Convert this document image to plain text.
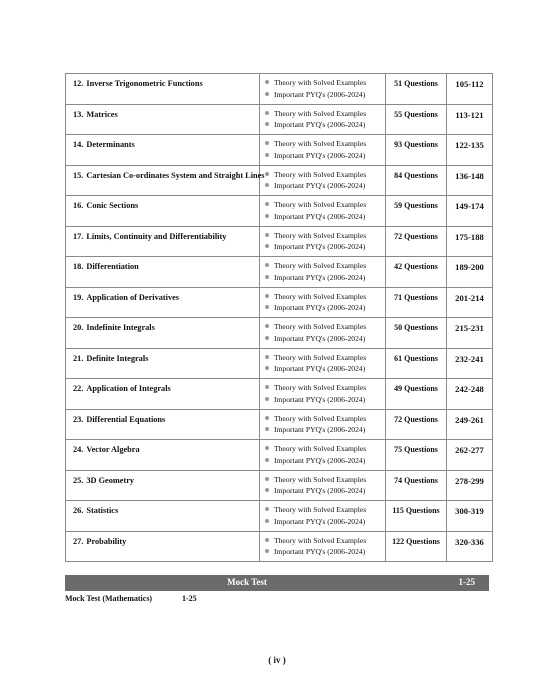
12. Inverse Trigonometric Functions	Theory with Solved Examples
Important PYQ's (2006-2024)	51 Questions	105-112

13. Matrices	Theory with Solved Examples
Important PYQ's (2006-2024)	55 Questions	113-121

14. Determinants	Theory with Solved Examples
Important PYQ's (2006-2024)	93 Questions	122-135

15. Cartesian Co-ordinates System and Straight Lines	Theory with Solved Examples
Important PYQ's (2006-2024)	84 Questions	136-148

16. Conic Sections	Theory with Solved Examples
Important PYQ's (2006-2024)	59 Questions	149-174

17. Limits, Continuity and Differentiability	Theory with Solved Examples
Important PYQ's (2006-2024)	72 Questions	175-188

18. Differentiation	Theory with Solved Examples
Important PYQ's (2006-2024)	42 Questions	189-200

19. Application of Derivatives	Theory with Solved Examples
Important PYQ's (2006-2024)	71 Questions	201-214

20. Indefinite Integrals	Theory with Solved Examples
Important PYQ's (2006-2024)	50 Questions	215-231

21. Definite Integrals	Theory with Solved Examples
Important PYQ's (2006-2024)	61 Questions	232-241

22. Application of Integrals	Theory with Solved Examples
Important PYQ's (2006-2024)	49 Questions	242-248

23. Differential Equations	Theory with Solved Examples
Important PYQ's (2006-2024)	72 Questions	249-261

24. Vector Algebra	Theory with Solved Examples
Important PYQ's (2006-2024)	75 Questions	262-277

25. 3D Geometry	Theory with Solved Examples
Important PYQ's (2006-2024)	74 Questions	278-299

26. Statistics	Theory with Solved Examples
Important PYQ's (2006-2024)	115 Questions	300-319

27. Probability	Theory with Solved Examples
Important PYQ's (2006-2024)	122 Questions	320-336
Mock Test	1-25
Mock Test (Mathematics)	1-25
( iv )
